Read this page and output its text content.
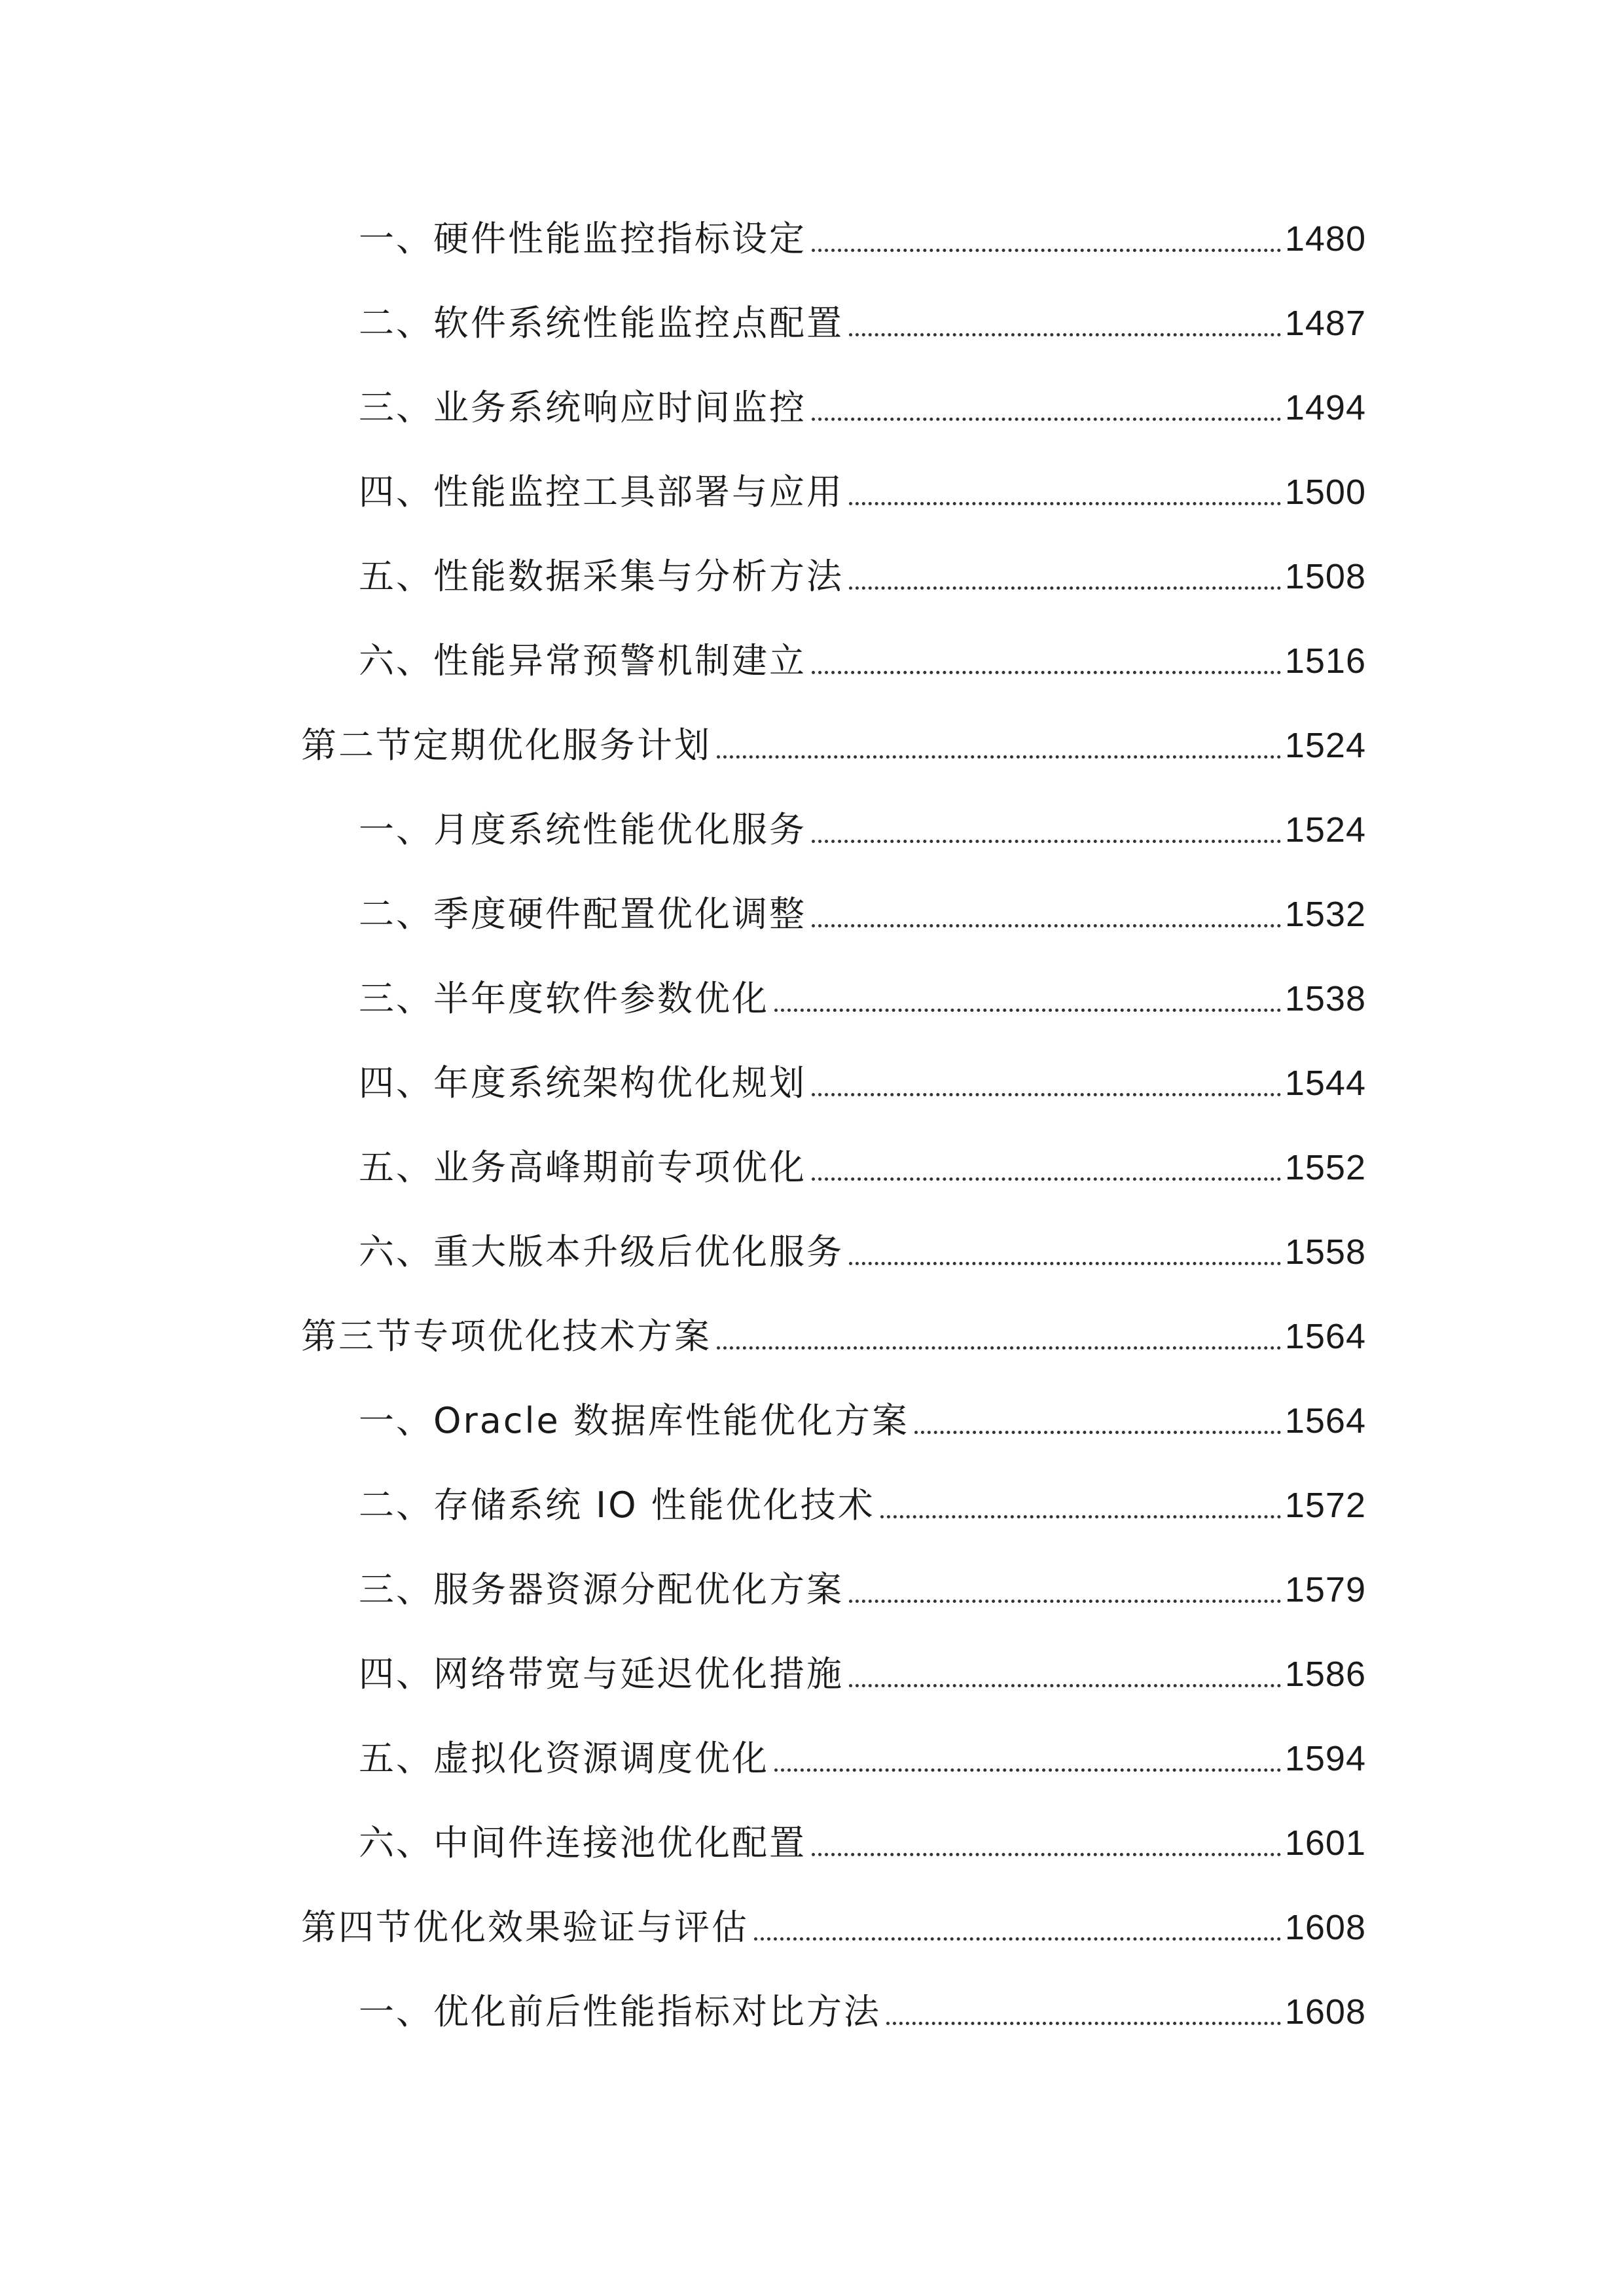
一、硬件性能监控指标设定	1480
二、软件系统性能监控点配置	1487
三、业务系统响应时间监控	1494
四、性能监控工具部署与应用	1500
五、性能数据采集与分析方法	1508
六、性能异常预警机制建立	1516
第二节定期优化服务计划	1524
一、月度系统性能优化服务	1524
二、季度硬件配置优化调整	1532
三、半年度软件参数优化	1538
四、年度系统架构优化规划	1544
五、业务高峰期前专项优化	1552
六、重大版本升级后优化服务	1558
第三节专项优化技术方案	1564
一、Oracle 数据库性能优化方案	1564
二、存储系统 IO 性能优化技术	1572
三、服务器资源分配优化方案	1579
四、网络带宽与延迟优化措施	1586
五、虚拟化资源调度优化	1594
六、中间件连接池优化配置	1601
第四节优化效果验证与评估	1608
一、优化前后性能指标对比方法	1608
